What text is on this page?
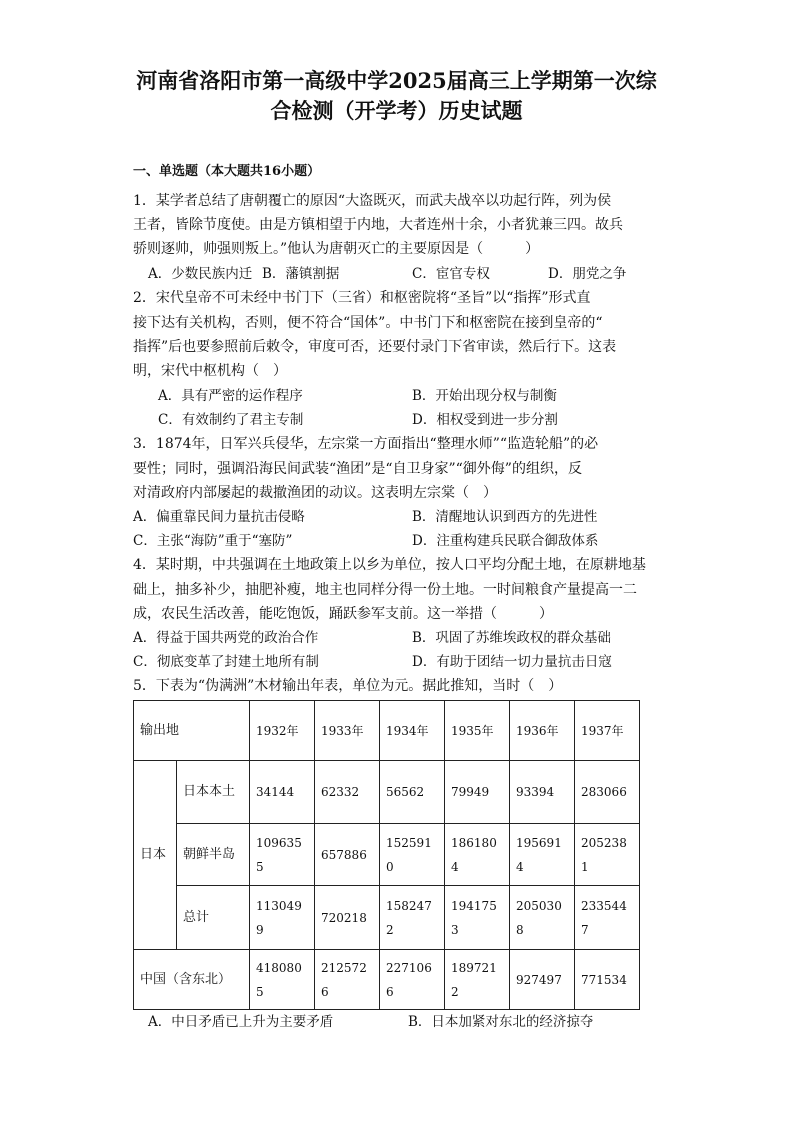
河南省洛阳市第一高级中学2025届高三上学期第一次综
合检测（开学考）历史试题
一、单选题（本大题共16小题）
1．某学者总结了唐朝覆亡的原因“大盗既灭，而武夫战卒以功起行阵，列为侯
王者，皆除节度使。由是方镇相望于内地，大者连州十余，小者犹兼三四。故兵
骄则逐帅，帅强则叛上。”他认为唐朝灭亡的主要原因是（　　　）
A．少数民族内迁 B．藩镇割据	C．宦官专权	D．朋党之争
2．宋代皇帝不可未经中书门下（三省）和枢密院将“圣旨”以“指挥”形式直
接下达有关机构，否则，便不符合“国体”。中书门下和枢密院在接到皇帝的“
指挥”后也要参照前后敕令，审度可否，还要付录门下省审读，然后行下。这表
明，宋代中枢机构（　）
A．具有严密的运作程序	B．开始出现分权与制衡
C．有效制约了君主专制	D．相权受到进一步分割
3．1874年，日军兴兵侵华，左宗棠一方面指出“整理水师”“监造轮船”的必
要性；同时，强调沿海民间武装“渔团”是“自卫身家”“御外侮”的组织，反
对清政府内部屡起的裁撤渔团的动议。这表明左宗棠（　）
A．偏重靠民间力量抗击侵略	B．清醒地认识到西方的先进性
C．主张“海防”重于“塞防”	D．注重构建兵民联合御敌体系
4．某时期，中共强调在土地政策上以乡为单位，按人口平均分配土地，在原耕地基
础上，抽多补少，抽肥补瘦，地主也同样分得一份土地。一时间粮食产量提高一二
成，农民生活改善，能吃饱饭，踊跃参军支前。这一举措（　　　）
A．得益于国共两党的政治合作	B．巩固了苏维埃政权的群众基础
C．彻底变革了封建土地所有制	D．有助于团结一切力量抗击日寇
5．下表为“伪满洲”木材输出年表，单位为元。据此推知，当时（　）
输出地		1932年	1933年	1934年	1935年	1936年	1937年
日本	日本本土	34144	62332	56562	79949	93394	283066
	朝鲜半岛	1096355	657886	1525910	1861804	1956914	2052381
	总计	1130499	720218	1582472	1941753	2050308	2335447
中国（含东北）		4180805	2125726	2271066	1897212	927497	771534
A．中日矛盾已上升为主要矛盾	B．日本加紧对东北的经济掠夺
